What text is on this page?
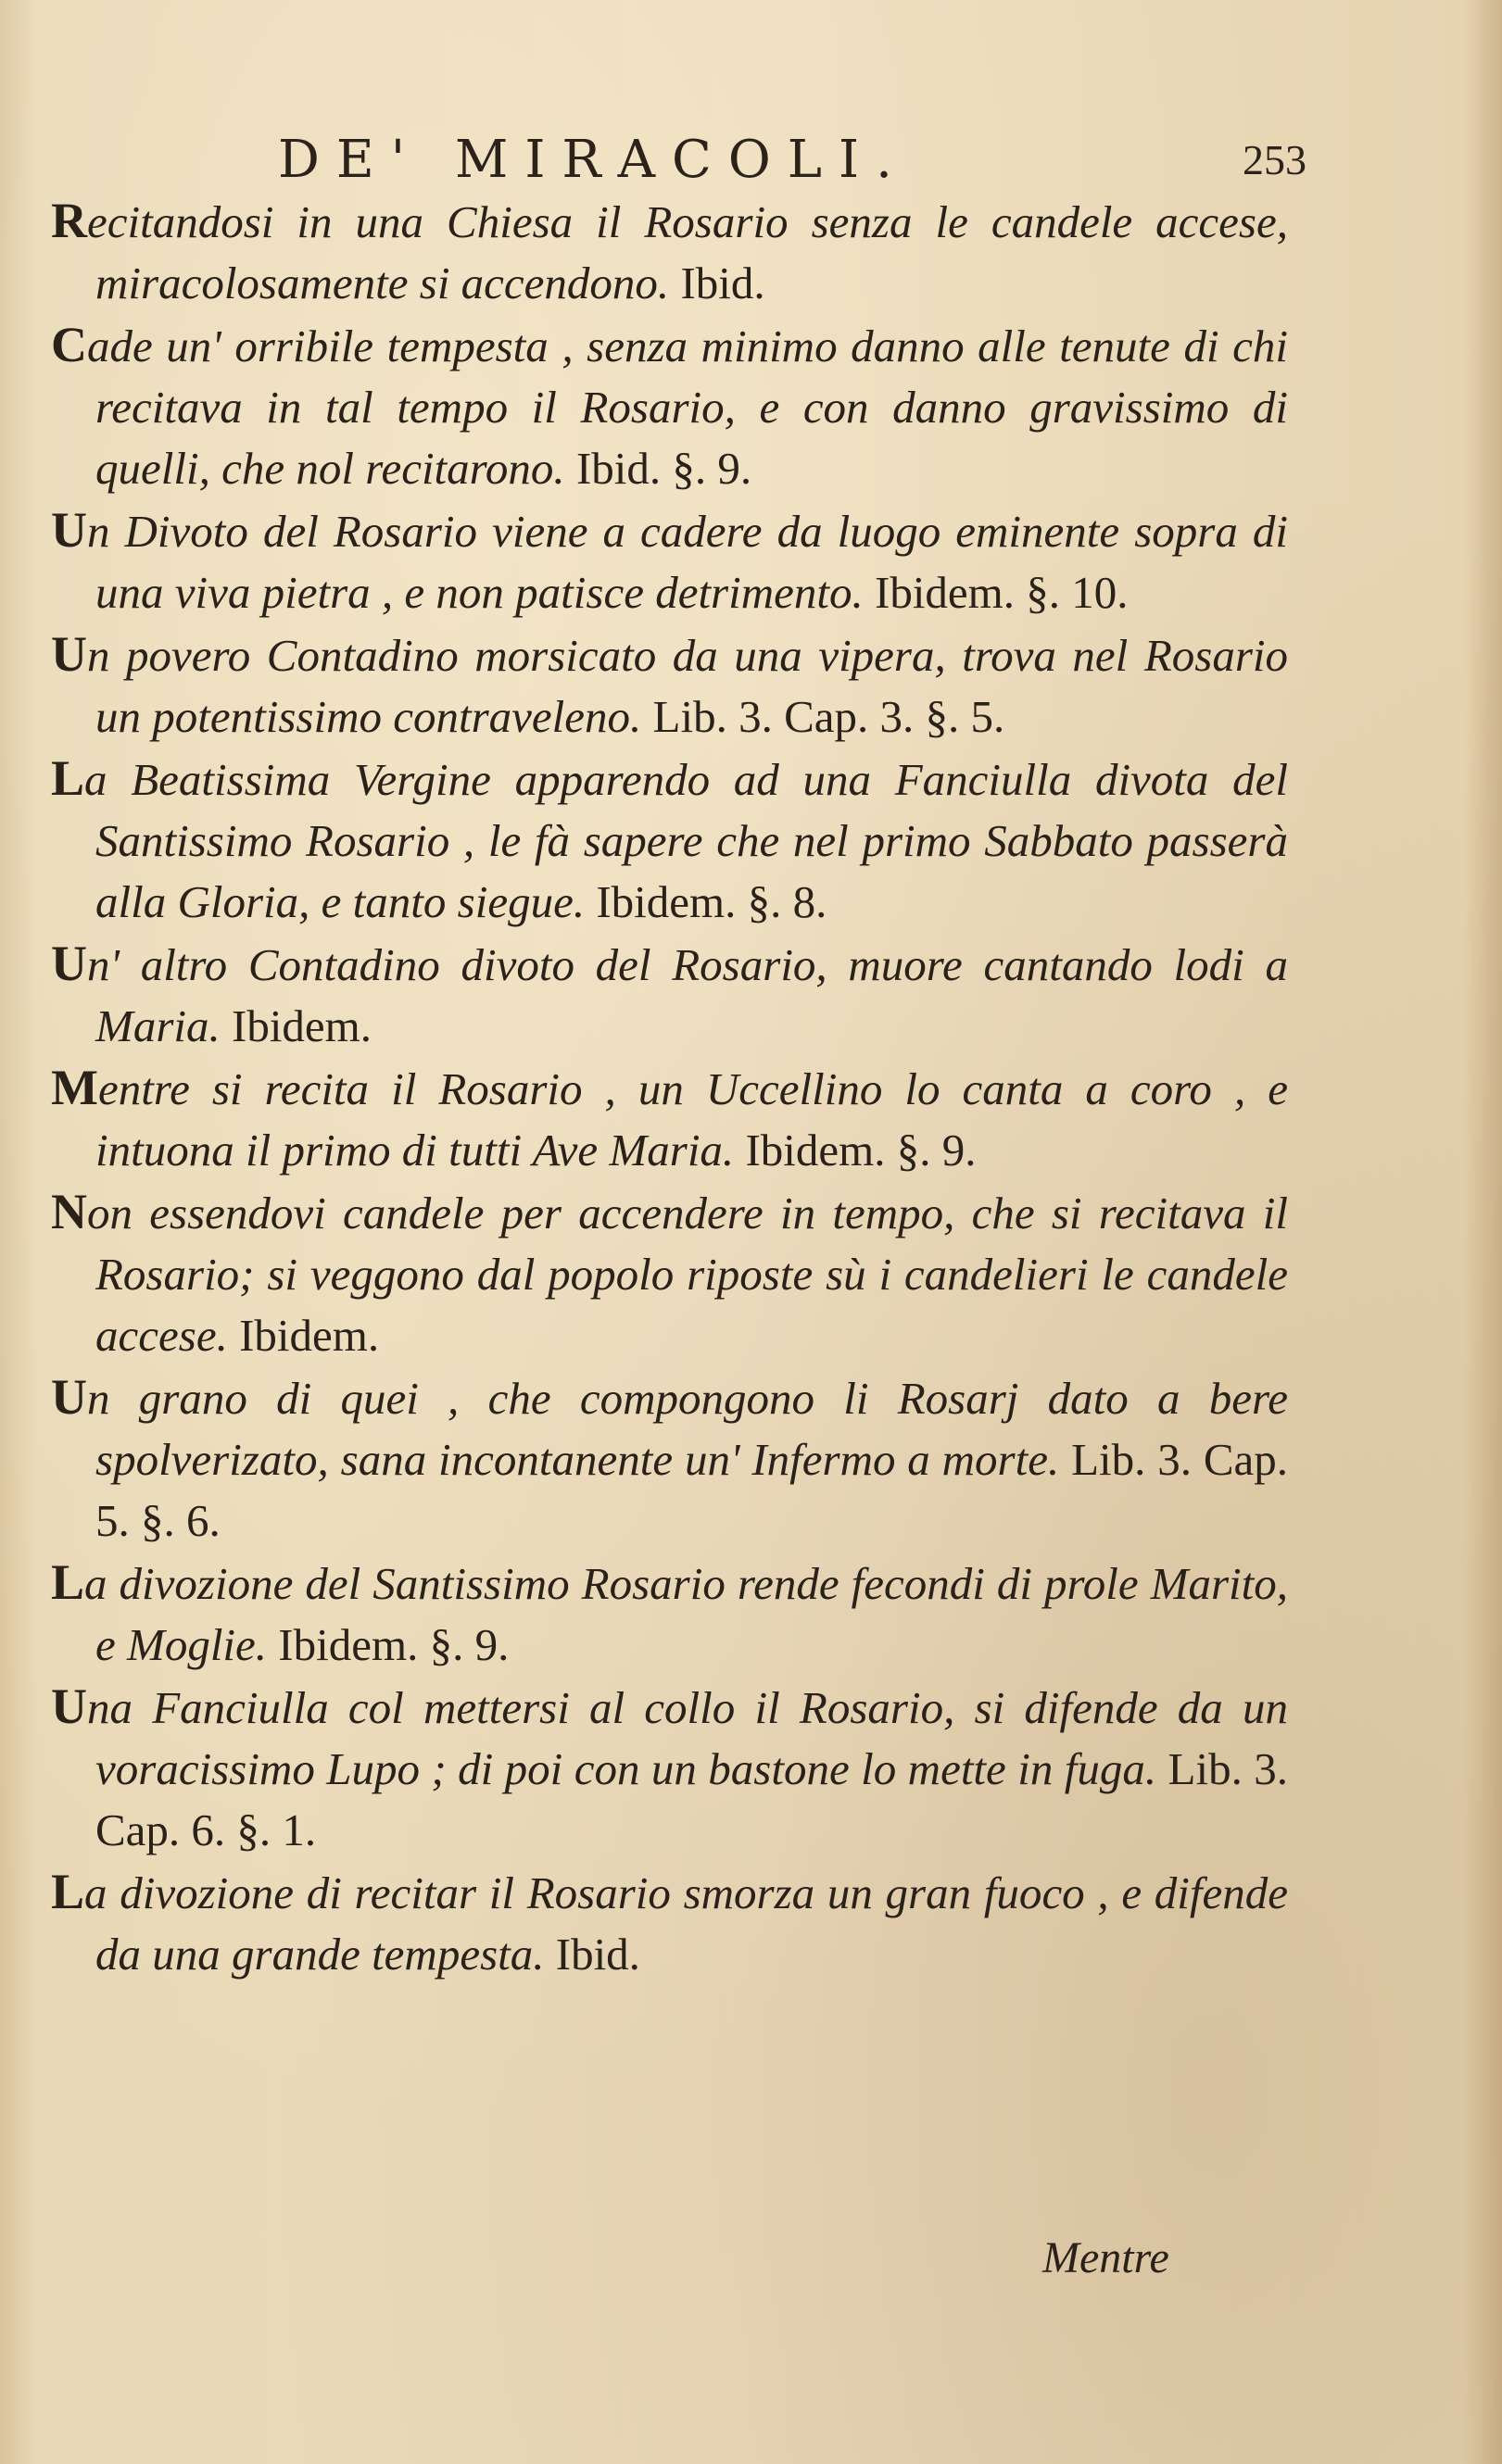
DE' MIRACOLI.	253

Recitandosi in una Chiesa il Rosario senza le candele accese, miracolosamente si accendono. Ibid.

Cade un' orribile tempesta , senza minimo danno alle tenute di chi recitava in tal tempo il Rosario, e con danno gravissimo di quelli, che nol recitarono. Ibid. §. 9.

Un Divoto del Rosario viene a cadere da luogo eminente sopra di una viva pietra , e non patisce detrimento. Ibidem. §. 10.

Un povero Contadino morsicato da una vipera, trova nel Rosario un potentissimo contraveleno. Lib. 3. Cap. 3. §. 5.

La Beatissima Vergine apparendo ad una Fanciulla divota del Santissimo Rosario , le fà sapere che nel primo Sabbato passerà alla Gloria, e tanto siegue. Ibidem. §. 8.

Un' altro Contadino divoto del Rosario, muore cantando lodi a Maria. Ibidem.

Mentre si recita il Rosario , un Uccellino lo canta a coro , e intuona il primo di tutti Ave Maria. Ibidem. §. 9.

Non essendovi candele per accendere in tempo, che si recitava il Rosario; si veggono dal popolo riposte sù i candelieri le candele accese. Ibidem.

Un grano di quei , che compongono li Rosarj dato a bere spolverizato, sana incontanente un' Infermo a morte. Lib. 3. Cap. 5. §. 6.

La divozione del Santissimo Rosario rende fecondi di prole Marito, e Moglie. Ibidem. §. 9.

Una Fanciulla col mettersi al collo il Rosario, si difende da un voracissimo Lupo ; di poi con un bastone lo mette in fuga. Lib. 3. Cap. 6. §. 1.

La divozione di recitar il Rosario smorza un gran fuoco , e difende da una grande tempesta. Ibid.

Mentre
